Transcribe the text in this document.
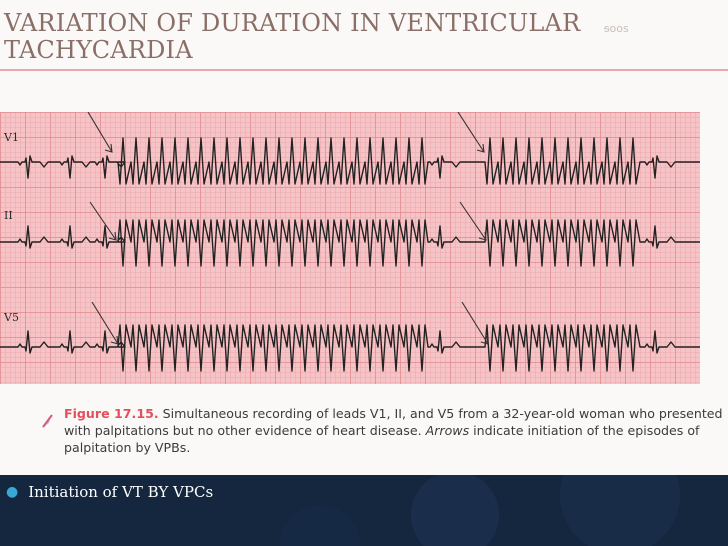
VARIATION OF DURATION IN VENTRICULAR TACHYCARDIA
ᵴoos
V1
II
V5
Figure 17.15. Simultaneous recording of leads V1, II, and V5 from a 32-year-old woman who presented with palpitations but no other evidence of heart disease. Arrows indicate initiation of the episodes of palpitation by VPBs.
● Initiation of VT BY VPCs
